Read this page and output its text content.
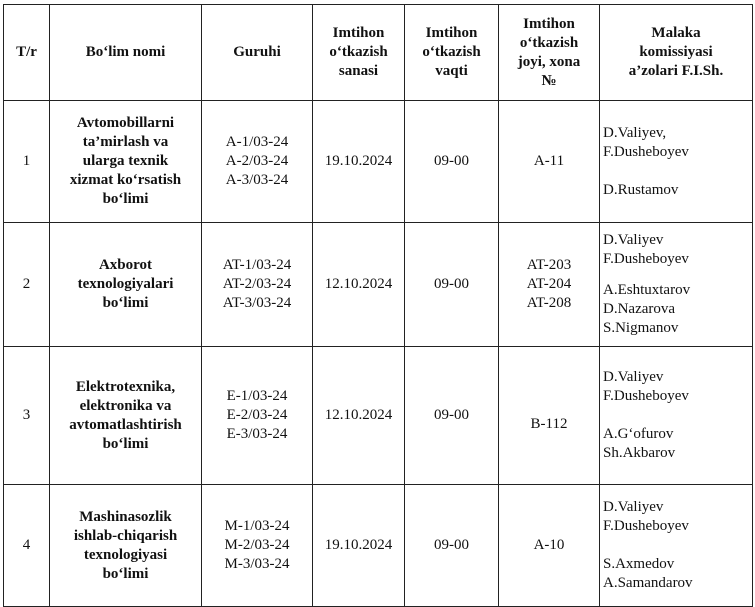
T/r	Bo‘lim nomi	Guruhi	Imtihon
o‘tkazish
sanasi	Imtihon
o‘tkazish
vaqti	Imtihon
o‘tkazish
joyi, xona
№	Malaka
komissiyasi
a’zolari F.I.Sh.

1	Avtomobillarni
ta’mirlash va
ularga texnik
xizmat ko‘rsatish
bo‘limi	A-1/03-24
A-2/03-24
A-3/03-24	19.10.2024	09-00	A-11	D.Valiyev,
F.Dusheboyev
D.Rustamov

2	Axborot
texnologiyalari
bo‘limi	AT-1/03-24
AT-2/03-24
AT-3/03-24	12.10.2024	09-00	AT-203
AT-204
AT-208	D.Valiyev
F.Dusheboyev
A.Eshtuxtarov
D.Nazarova
S.Nigmanov

3	Elektrotexnika,
elektronika va
avtomatlashtirish
bo‘limi	E-1/03-24
E-2/03-24
E-3/03-24	12.10.2024	09-00	B-112	D.Valiyev
F.Dusheboyev
A.G‘ofurov
Sh.Akbarov

4	Mashinasozlik
ishlab-chiqarish
texnologiyasi
bo‘limi	M-1/03-24
M-2/03-24
M-3/03-24	19.10.2024	09-00	A-10	D.Valiyev
F.Dusheboyev
S.Axmedov
A.Samandarov
